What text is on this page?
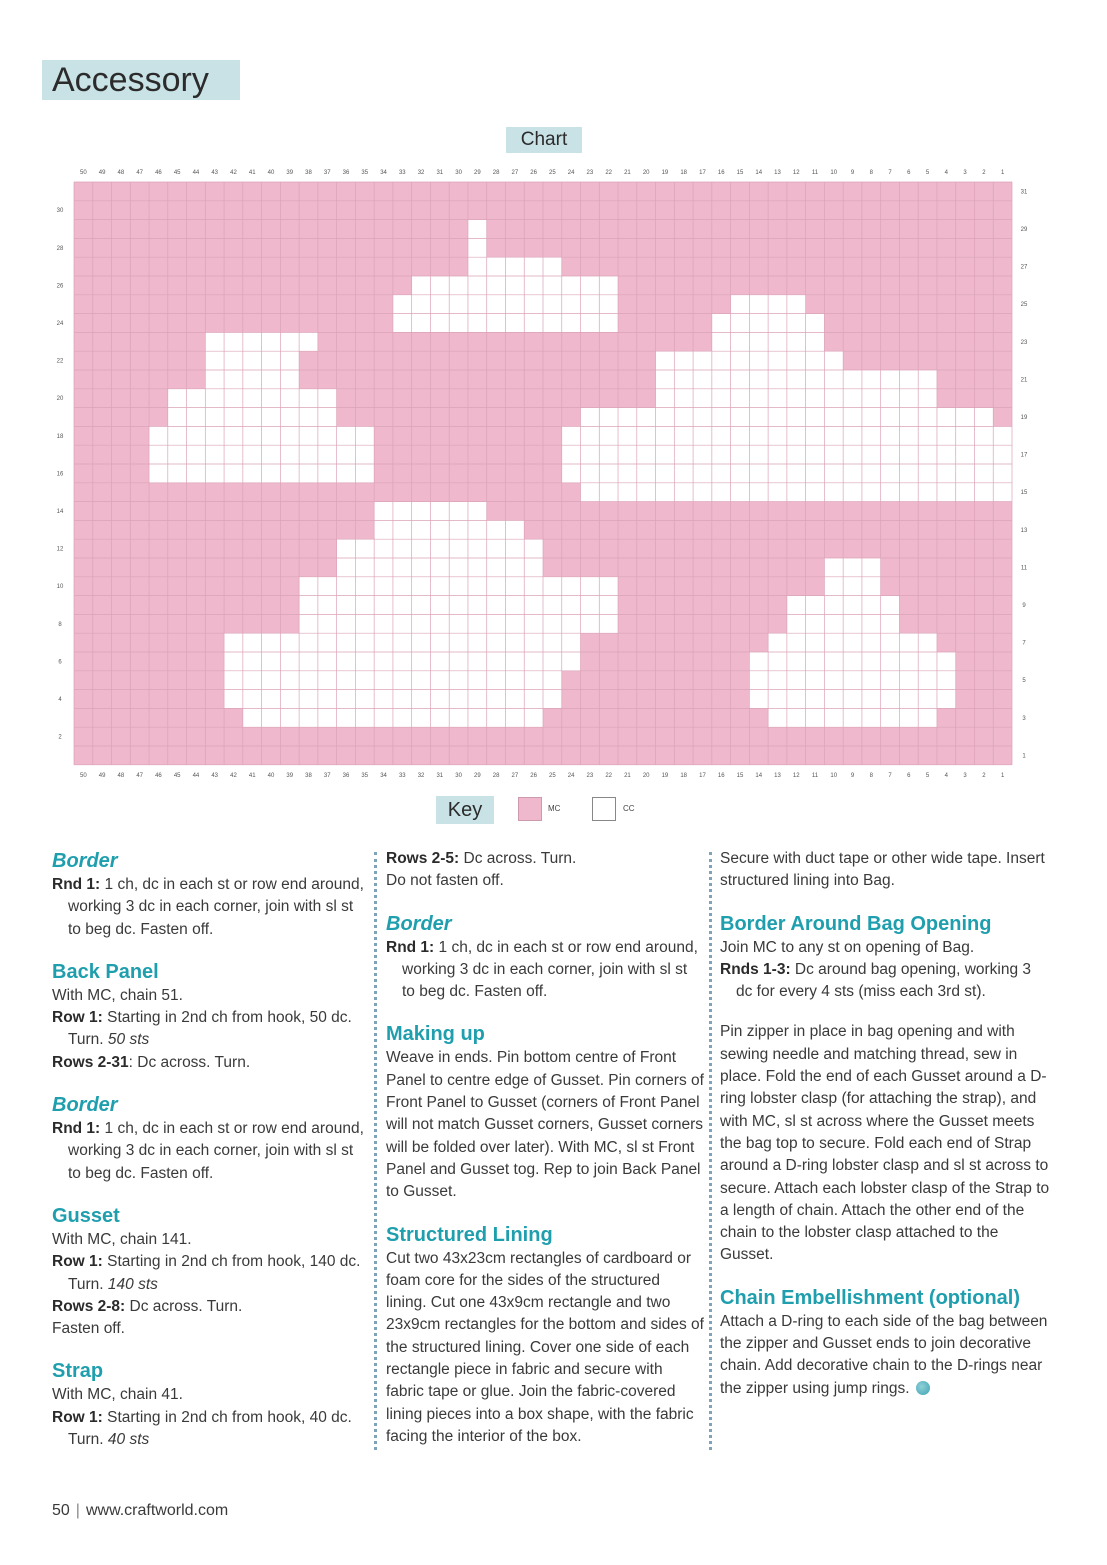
Accessory
Chart
50
50
49
49
48
48
47
47
46
46
45
45
44
44
43
43
42
42
41
41
40
40
39
39
38
38
37
37
36
36
35
35
34
34
33
33
32
32
31
31
30
30
29
29
28
28
27
27
26
26
25
25
24
24
23
23
22
22
21
21
20
20
19
19
18
18
17
17
16
16
15
15
14
14
13
13
12
12
11
11
10
10
9
9
8
8
7
7
6
6
5
5
4
4
3
3
2
2
1
1
30
28
26
24
22
20
18
16
14
12
10
8
6
4
2
31
29
27
25
23
21
19
17
15
13
11
9
7
5
3
1
Key	MC	CC
Border

Rnd 1: 1 ch, dc in each st or row end around, working 3 dc in each corner, join with sl st to beg dc. Fasten off.

Back Panel

With MC, chain 51.

Row 1: Starting in 2nd ch from hook, 50 dc. Turn. 50 sts

Rows 2-31: Dc across. Turn.

Border

Rnd 1: 1 ch, dc in each st or row end around, working 3 dc in each corner, join with sl st to beg dc. Fasten off.

Gusset

With MC, chain 141.

Row 1: Starting in 2nd ch from hook, 140 dc. Turn. 140 sts

Rows 2-8: Dc across. Turn.

Fasten off.

Strap

With MC, chain 41.

Row 1: Starting in 2nd ch from hook, 40 dc. Turn. 40 sts

Rows 2-5: Dc across. Turn.

Do not fasten off.

Border

Rnd 1: 1 ch, dc in each st or row end around, working 3 dc in each corner, join with sl st to beg dc. Fasten off.

Making up

Weave in ends. Pin bottom centre of Front Panel to centre edge of Gusset. Pin corners of Front Panel to Gusset (corners of Front Panel will not match Gusset corners, Gusset corners will be folded over later). With MC, sl st Front Panel and Gusset tog. Rep to join Back Panel to Gusset.

Structured Lining

Cut two 43x23cm rectangles of cardboard or foam core for the sides of the structured lining. Cut one 43x9cm rectangle and two 23x9cm rectangles for the bottom and sides of the structured lining. Cover one side of each rectangle piece in fabric and secure with fabric tape or glue. Join the fabric-covered lining pieces into a box shape, with the fabric facing the interior of the box.

Secure with duct tape or other wide tape. Insert structured lining into Bag.

Border Around Bag Opening

Join MC to any st on opening of Bag.

Rnds 1-3: Dc around bag opening, working 3 dc for every 4 sts (miss each 3rd st).

Pin zipper in place in bag opening and with sewing needle and matching thread, sew in place. Fold the end of each Gusset around a D-ring lobster clasp (for attaching the strap), and with MC, sl st across where the Gusset meets the bag top to secure. Fold each end of Strap around a D-ring lobster clasp and sl st across to secure. Attach each lobster clasp of the Strap to a length of chain. Attach the other end of the chain to the lobster clasp attached to the Gusset.

Chain Embellishment (optional)

Attach a D-ring to each side of the bag between the zipper and Gusset ends to join decorative chain. Add decorative chain to the D-rings near the zipper using jump rings.

50 | www.craftworld.com
